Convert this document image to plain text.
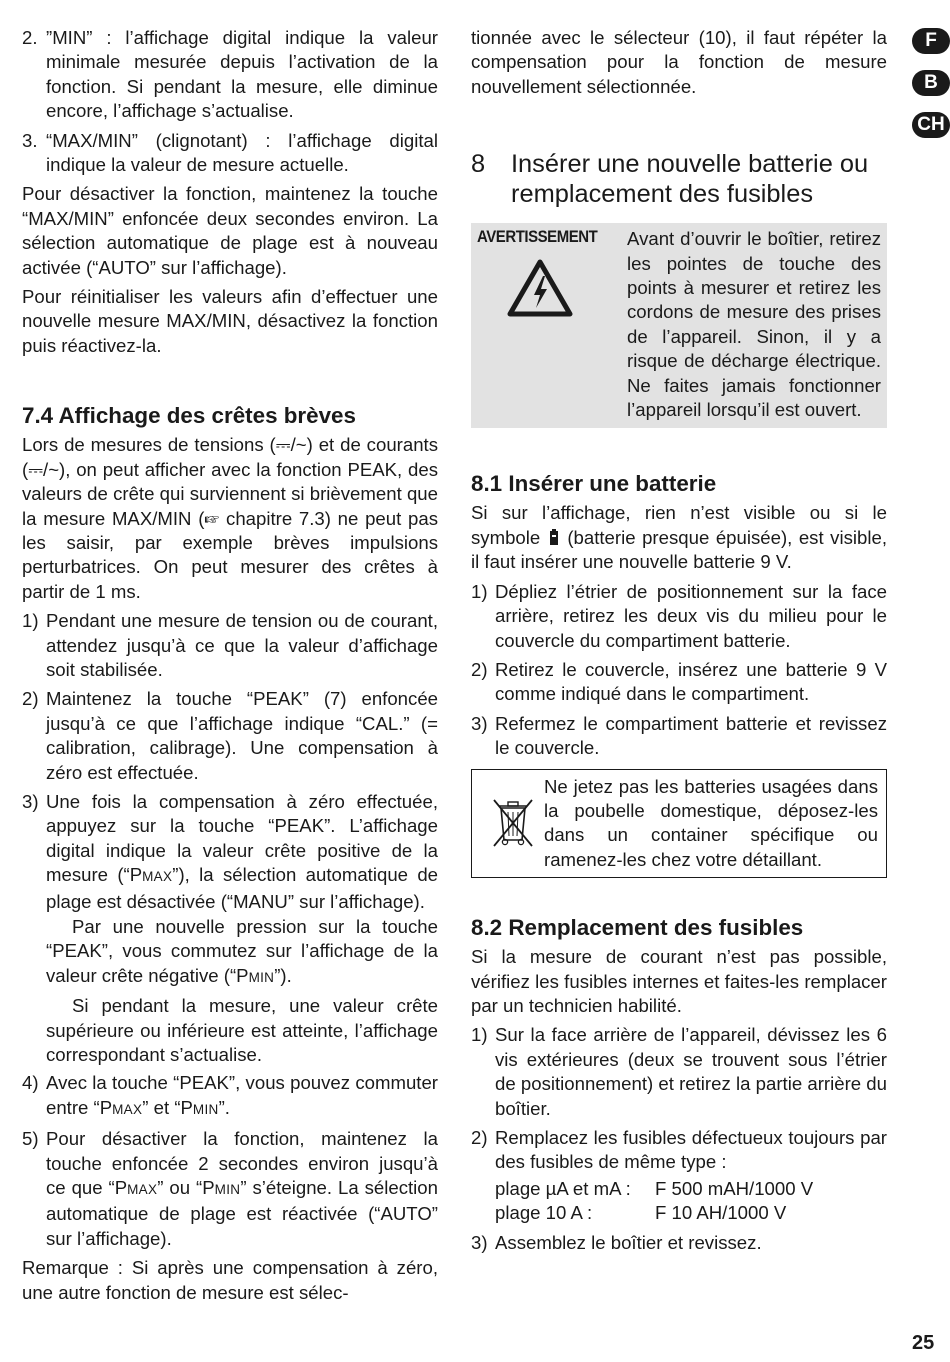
2. ”MIN” : l’affichage digital indique la valeur minimale mesurée depuis l’activation de la fonction. Si pendant la mesure, elle diminue encore, l’affichage s’actualise.

3. “MAX/MIN” (clignotant) : l’affichage digital indique la valeur de mesure actuelle.

Pour désactiver la fonction, maintenez la touche “MAX/MIN” enfoncée deux secondes environ. La sélection automatique de plage est à nouveau activée (“AUTO” sur l’affichage).

Pour réinitialiser les valeurs afin d’effectuer une nouvelle mesure MAX/MIN, désactivez la fonction puis réactivez-la.

7.4 Affichage des crêtes brèves

Lors de mesures de tensions (⎓/~) et de courants (⎓/~), on peut afficher avec la fonction PEAK, des valeurs de crête qui surviennent si brièvement que la mesure MAX/MIN (☞ chapitre 7.3) ne peut pas les saisir, par exemple brèves impulsions perturbatrices. On peut mesurer des crêtes à partir de 1 ms.

1) Pendant une mesure de tension ou de courant, attendez jusqu’à ce que la valeur d’affichage soit stabilisée.

2) Maintenez la touche “PEAK” (7) enfoncée jusqu’à ce que l’affichage indique “CAL.” (= calibration, calibrage). Une compensation à zéro est effectuée.

3) Une fois la compensation à zéro effectuée, appuyez sur la touche “PEAK”. L’affichage digital indique la valeur crête positive de la mesure (“PMAX”), la sélection automatique de plage est désactivée (“MANU” sur l’affichage).

Par une nouvelle pression sur la touche “PEAK”, vous commutez sur l’affichage de la valeur crête négative (“PMIN”).

Si pendant la mesure, une valeur crête supérieure ou inférieure est atteinte, l’affichage correspondant s’actualise.

4) Avec la touche “PEAK”, vous pouvez commuter entre “PMAX” et “PMIN”.

5) Pour désactiver la fonction, maintenez la touche enfoncée 2 secondes environ jusqu’à ce que “PMAX” ou “PMIN” s’éteigne. La sélection automatique de plage est réactivée (“AUTO” sur l’affichage).

Remarque : Si après une compensation à zéro, une autre fonction de mesure est sélec-

tionnée avec le sélecteur (10), il faut répéter la compensation pour la fonction de mesure nouvellement sélectionnée.

8	Insérer une nouvelle batterie ou remplacement des fusibles
AVERTISSEMENT	Avant d’ouvrir le boîtier, retirez les pointes de touche des points à mesurer et retirez les cordons de mesure des prises de l’appareil. Sinon, il y a risque de décharge électrique. Ne faites jamais fonctionner l’appareil lorsqu’il est ouvert.

8.1 Insérer une batterie

Si sur l’affichage, rien n’est visible ou si le symbole (batterie presque épuisée), est visible, il faut insérer une nouvelle batterie 9 V.

1) Dépliez l’étrier de positionnement sur la face arrière, retirez les deux vis du milieu pour le couvercle du compartiment batterie.

2) Retirez le couvercle, insérez une batterie 9 V comme indiqué dans le compartiment.

3) Refermez le compartiment batterie et revissez le couvercle.

Ne jetez pas les batteries usagées dans la poubelle domestique, déposez-les dans un container spécifique ou ramenez-les chez votre détaillant.

8.2 Remplacement des fusibles

Si la mesure de courant n’est pas possible, vérifiez les fusibles internes et faites-les remplacer par un technicien habilité.

1) Sur la face arrière de l’appareil, dévissez les 6 vis extérieures (deux se trouvent sous l’étrier de positionnement) et retirez la partie arrière du boîtier.

2) Remplacez les fusibles défectueux toujours par des fusibles de même type :

plage µA et mA :	F 500 mAH/1000 V
plage 10 A :	F 10 AH/1000 V
3) Assemblez le boîtier et revissez.

F
B
CH
25
